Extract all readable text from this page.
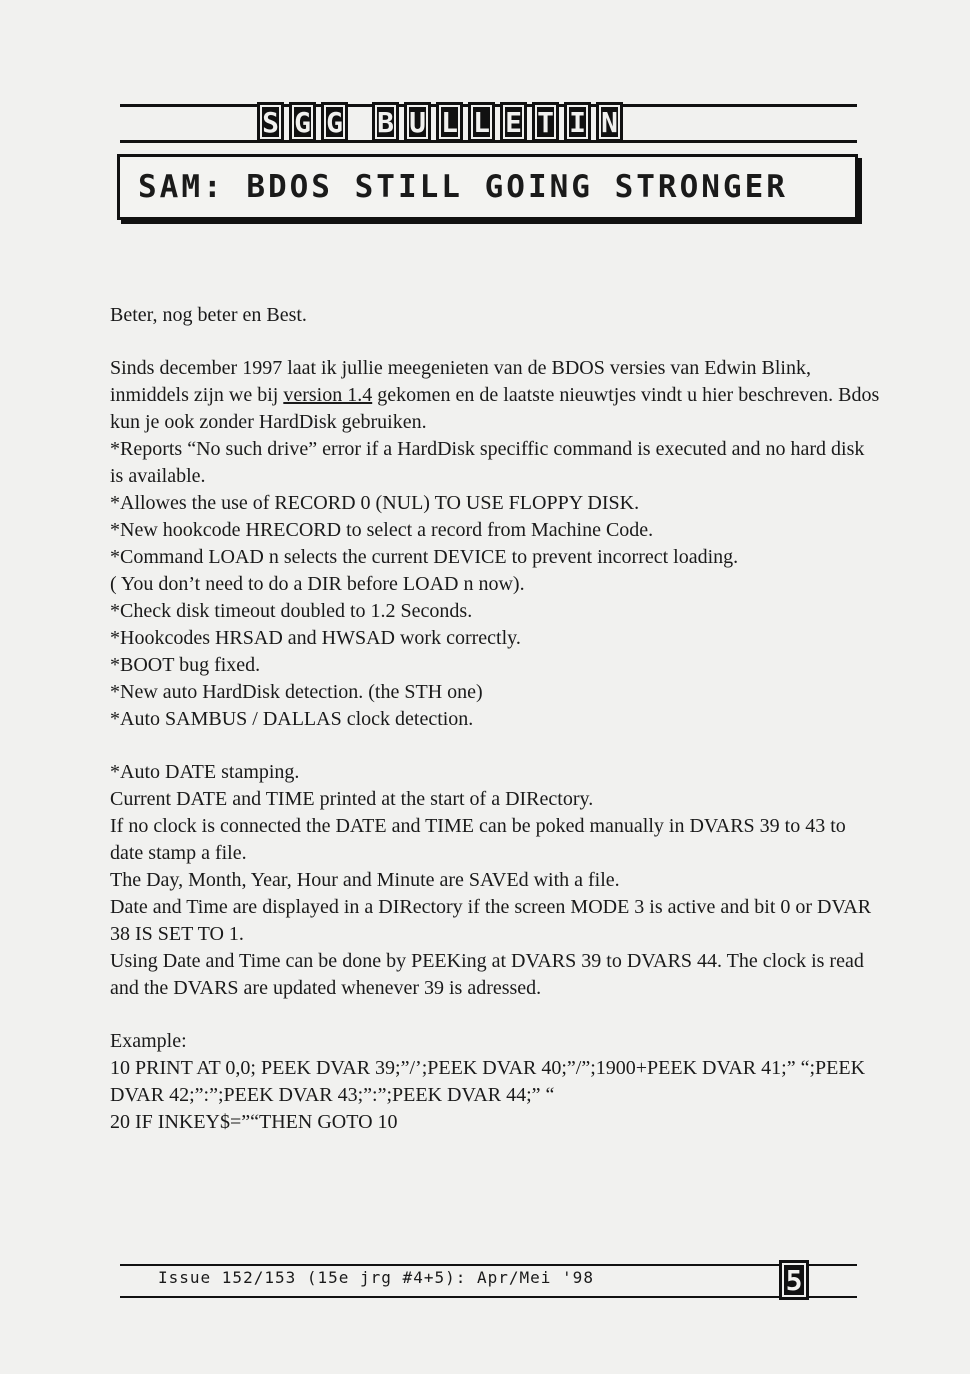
S G G B U L L E T I N
SAM: BDOS STILL GOING STRONGER

Beter, nog beter en Best.

Sinds december 1997 laat ik jullie meegenieten van de BDOS versies van Edwin Blink, inmiddels zijn we bij version 1.4 gekomen en de laatste nieuwtjes vindt u hier beschreven. Bdos kun je ook zonder HardDisk gebruiken.

*Reports “No such drive” error if a HardDisk speciffic command is executed and no hard disk is available.

*Allowes the use of RECORD 0 (NUL) TO USE FLOPPY DISK.

*New hookcode HRECORD to select a record from Machine Code.

*Command LOAD n selects the current DEVICE to prevent incorrect loading.

( You don’t need to do a DIR before LOAD n now).

*Check disk timeout doubled to 1.2 Seconds.

*Hookcodes HRSAD and HWSAD work correctly.

*BOOT bug fixed.

*New auto HardDisk detection. (the STH one)

*Auto SAMBUS / DALLAS clock detection.

*Auto DATE stamping.

Current DATE and TIME printed at the start of a DIRectory.

If no clock is connected the DATE and TIME can be poked manually in DVARS 39 to 43 to date stamp a file.

The Day, Month, Year, Hour and Minute are SAVEd with a file.

Date and Time are displayed in a DIRectory if the screen MODE 3 is active and bit 0 or DVAR 38 IS SET TO 1.

Using Date and Time can be done by PEEKing at DVARS 39 to DVARS 44. The clock is read and the DVARS are updated whenever 39 is adressed.

Example:

10 PRINT AT 0,0; PEEK DVAR 39;”/’;PEEK DVAR 40;”/”;1900+PEEK DVAR 41;” “;PEEK DVAR 42;”:”;PEEK DVAR 43;”:”;PEEK DVAR 44;” “

20 IF INKEY$=”“THEN GOTO 10

Issue 152/153 (15e jrg #4+5): Apr/Mei '98	5
